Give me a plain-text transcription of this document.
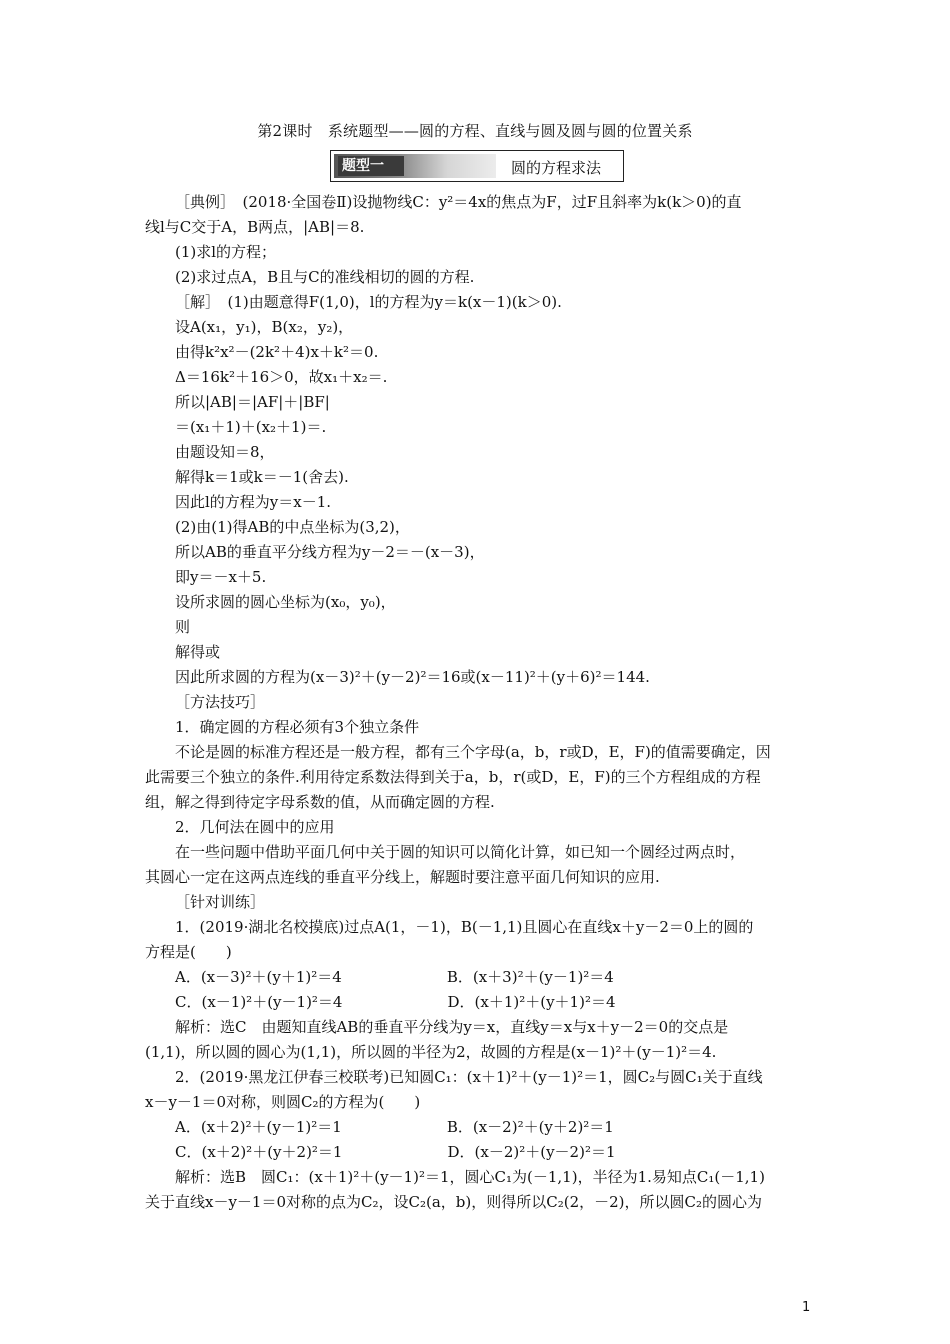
第2课时　系统题型——圆的方程、直线与圆及圆与圆的位置关系
题型一	圆的方程求法
［典例］　(2018·全国卷Ⅱ)设抛物线C：y²＝4x的焦点为F，过F且斜率为k(k＞0)的直
线l与C交于A，B两点，|AB|＝8.
(1)求l的方程；
(2)求过点A，B且与C的准线相切的圆的方程.
［解］　(1)由题意得F(1,0)，l的方程为y＝k(x－1)(k＞0).
设A(x₁，y₁)，B(x₂，y₂)，
由得k²x²－(2k²＋4)x＋k²＝0.
Δ＝16k²＋16＞0，故x₁＋x₂＝.
所以|AB|＝|AF|＋|BF|
＝(x₁＋1)＋(x₂＋1)＝.
由题设知＝8，
解得k＝1或k＝－1(舍去).
因此l的方程为y＝x－1.
(2)由(1)得AB的中点坐标为(3,2)，
所以AB的垂直平分线方程为y－2＝－(x－3)，
即y＝－x＋5.
设所求圆的圆心坐标为(x₀，y₀)，
则
解得或
因此所求圆的方程为(x－3)²＋(y－2)²＝16或(x－11)²＋(y＋6)²＝144.
［方法技巧］
1．确定圆的方程必须有3个独立条件
不论是圆的标准方程还是一般方程，都有三个字母(a，b，r或D，E，F)的值需要确定，因
此需要三个独立的条件.利用待定系数法得到关于a，b，r(或D，E，F)的三个方程组成的方程
组，解之得到待定字母系数的值，从而确定圆的方程.
2．几何法在圆中的应用
在一些问题中借助平面几何中关于圆的知识可以简化计算，如已知一个圆经过两点时，
其圆心一定在这两点连线的垂直平分线上，解题时要注意平面几何知识的应用.
［针对训练］
1．(2019·湖北名校摸底)过点A(1，－1)，B(－1,1)且圆心在直线x＋y－2＝0上的圆的
方程是(　　)
A．(x－3)²＋(y＋1)²＝4　　　　　　　B．(x＋3)²＋(y－1)²＝4
C．(x－1)²＋(y－1)²＝4　　　　　　　D．(x＋1)²＋(y＋1)²＝4
解析：选C　由题知直线AB的垂直平分线为y＝x，直线y＝x与x＋y－2＝0的交点是
(1,1)，所以圆的圆心为(1,1)，所以圆的半径为2，故圆的方程是(x－1)²＋(y－1)²＝4.
2．(2019·黑龙江伊春三校联考)已知圆C₁：(x＋1)²＋(y－1)²＝1，圆C₂与圆C₁关于直线
x－y－1＝0对称，则圆C₂的方程为(　　)
A．(x＋2)²＋(y－1)²＝1　　　　　　　B．(x－2)²＋(y＋2)²＝1
C．(x＋2)²＋(y＋2)²＝1　　　　　　　D．(x－2)²＋(y－2)²＝1
解析：选B　圆C₁：(x＋1)²＋(y－1)²＝1，圆心C₁为(－1,1)，半径为1.易知点C₁(－1,1)
关于直线x－y－1＝0对称的点为C₂，设C₂(a，b)，则得所以C₂(2，－2)，所以圆C₂的圆心为
1
